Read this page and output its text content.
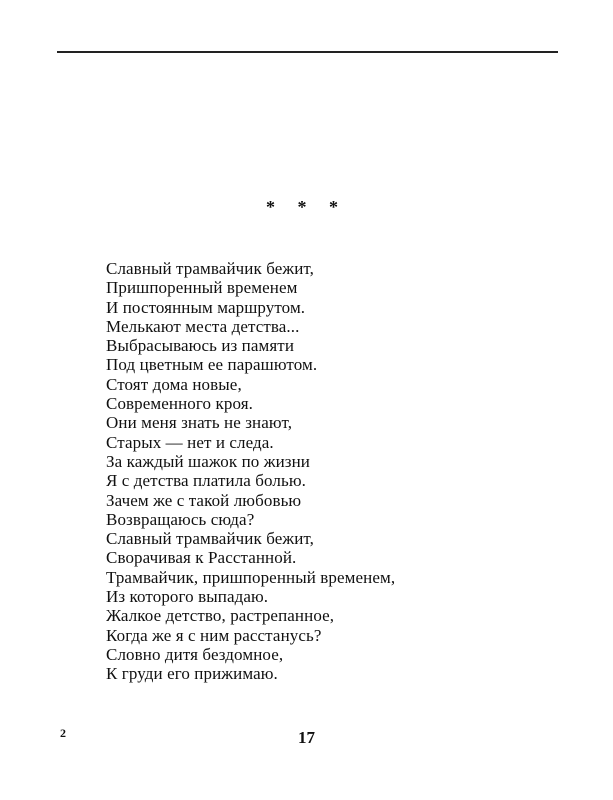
* * *
Славный трамвайчик бежит,
Пришпоренный временем
И постоянным маршрутом.
Мелькают места детства...
Выбрасываюсь из памяти
Под цветным ее парашютом.
Стоят дома новые,
Современного кроя.
Они меня знать не знают,
Старых — нет и следа.
За каждый шажок по жизни
Я с детства платила болью.
Зачем же с такой любовью
Возвращаюсь сюда?
Славный трамвайчик бежит,
Сворачивая к Расстанной.
Трамвайчик, пришпоренный временем,
Из которого выпадаю.
Жалкое детство, растрепанное,
Когда же я с ним расстанусь?
Словно дитя бездомное,
К груди его прижимаю.
2	17
